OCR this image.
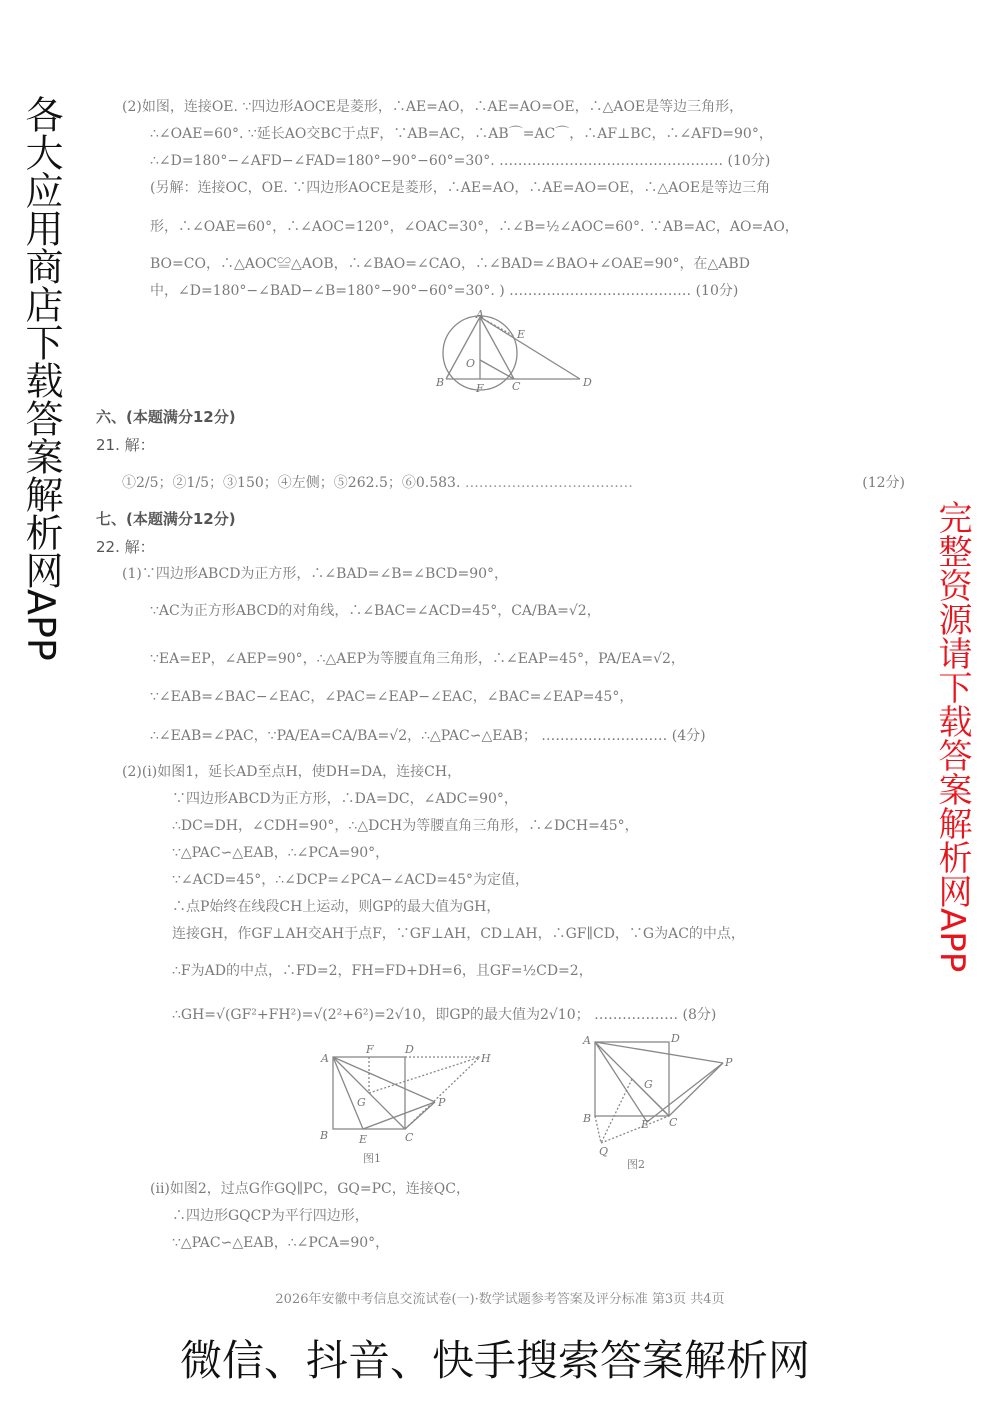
(2)如图，连接OE. ∵四边形AOCE是菱形，∴AE=AO，∴AE=AO=OE，∴△AOE是等边三角形，
∴∠OAE=60°. ∵延长AO交BC于点F，∵AB=AC，∴AB⌒=AC⌒，∴AF⊥BC，∴∠AFD=90°，
∴∠D=180°−∠AFD−∠FAD=180°−90°−60°=30°. ………………………………………… (10分)
(另解：连接OC，OE. ∵四边形AOCE是菱形，∴AE=AO，∴AE=AO=OE，∴△AOE是等边三角
形，∴∠OAE=60°，∴∠AOC=120°，∠OAC=30°，∴∠B=½∠AOC=60°. ∵AB=AC，AO=AO，
BO=CO，∴△AOC≌△AOB，∴∠BAO=∠CAO，∴∠BAD=∠BAO+∠OAE=90°，在△ABD
中，∠D=180°−∠BAD−∠B=180°−90°−60°=30°. ) ………………………………… (10分)
A
E
O
B	F	C	D
六、(本题满分12分)
21. 解：
①2/5；②1/5；③150；④左侧；⑤262.5；⑥0.583. ………………………………	(12分)
七、(本题满分12分)
22. 解：
(1)∵四边形ABCD为正方形，∴∠BAD=∠B=∠BCD=90°，
∵AC为正方形ABCD的对角线，∴∠BAC=∠ACD=45°，CA/BA=√2，
∵EA=EP，∠AEP=90°，∴△AEP为等腰直角三角形，∴∠EAP=45°，PA/EA=√2，
∵∠EAB=∠BAC−∠EAC，∠PAC=∠EAP−∠EAC，∠BAC=∠EAP=45°，
∴∠EAB=∠PAC，∵PA/EA=CA/BA=√2，∴△PAC∽△EAB； ……………………… (4分)
(2)(i)如图1，延长AD至点H，使DH=DA，连接CH，
∵四边形ABCD为正方形，∴DA=DC，∠ADC=90°，
∴DC=DH，∠CDH=90°，∴△DCH为等腰直角三角形，∴∠DCH=45°，
∵△PAC∽△EAB，∴∠PCA=90°，
∵∠ACD=45°，∴∠DCP=∠PCA−∠ACD=45°为定值，
∴点P始终在线段CH上运动，则GP的最大值为GH，
连接GH，作GF⊥AH交AH于点F，∵GF⊥AH，CD⊥AH，∴GF∥CD，∵G为AC的中点，
∴F为AD的中点，∴FD=2，FH=FD+DH=6，且GF=½CD=2，
∴GH=√(GF²+FH²)=√(2²+6²)=2√10，即GP的最大值为2√10； ……………… (8分)
A
F	D
H
G	P
B	E	C
图1
A	D
P
G
B	E C
Q
图2
(ii)如图2，过点G作GQ∥PC，GQ=PC，连接QC，
∴四边形GQCP为平行四边形，
∵△PAC∽△EAB，∴∠PCA=90°，
2026年安徽中考信息交流试卷(一)·数学试题参考答案及评分标准 第3页 共4页
各大应用商店下载答案解析网APP
完整资源请下载答案解析网APP
微信、抖音、快手搜索答案解析网
